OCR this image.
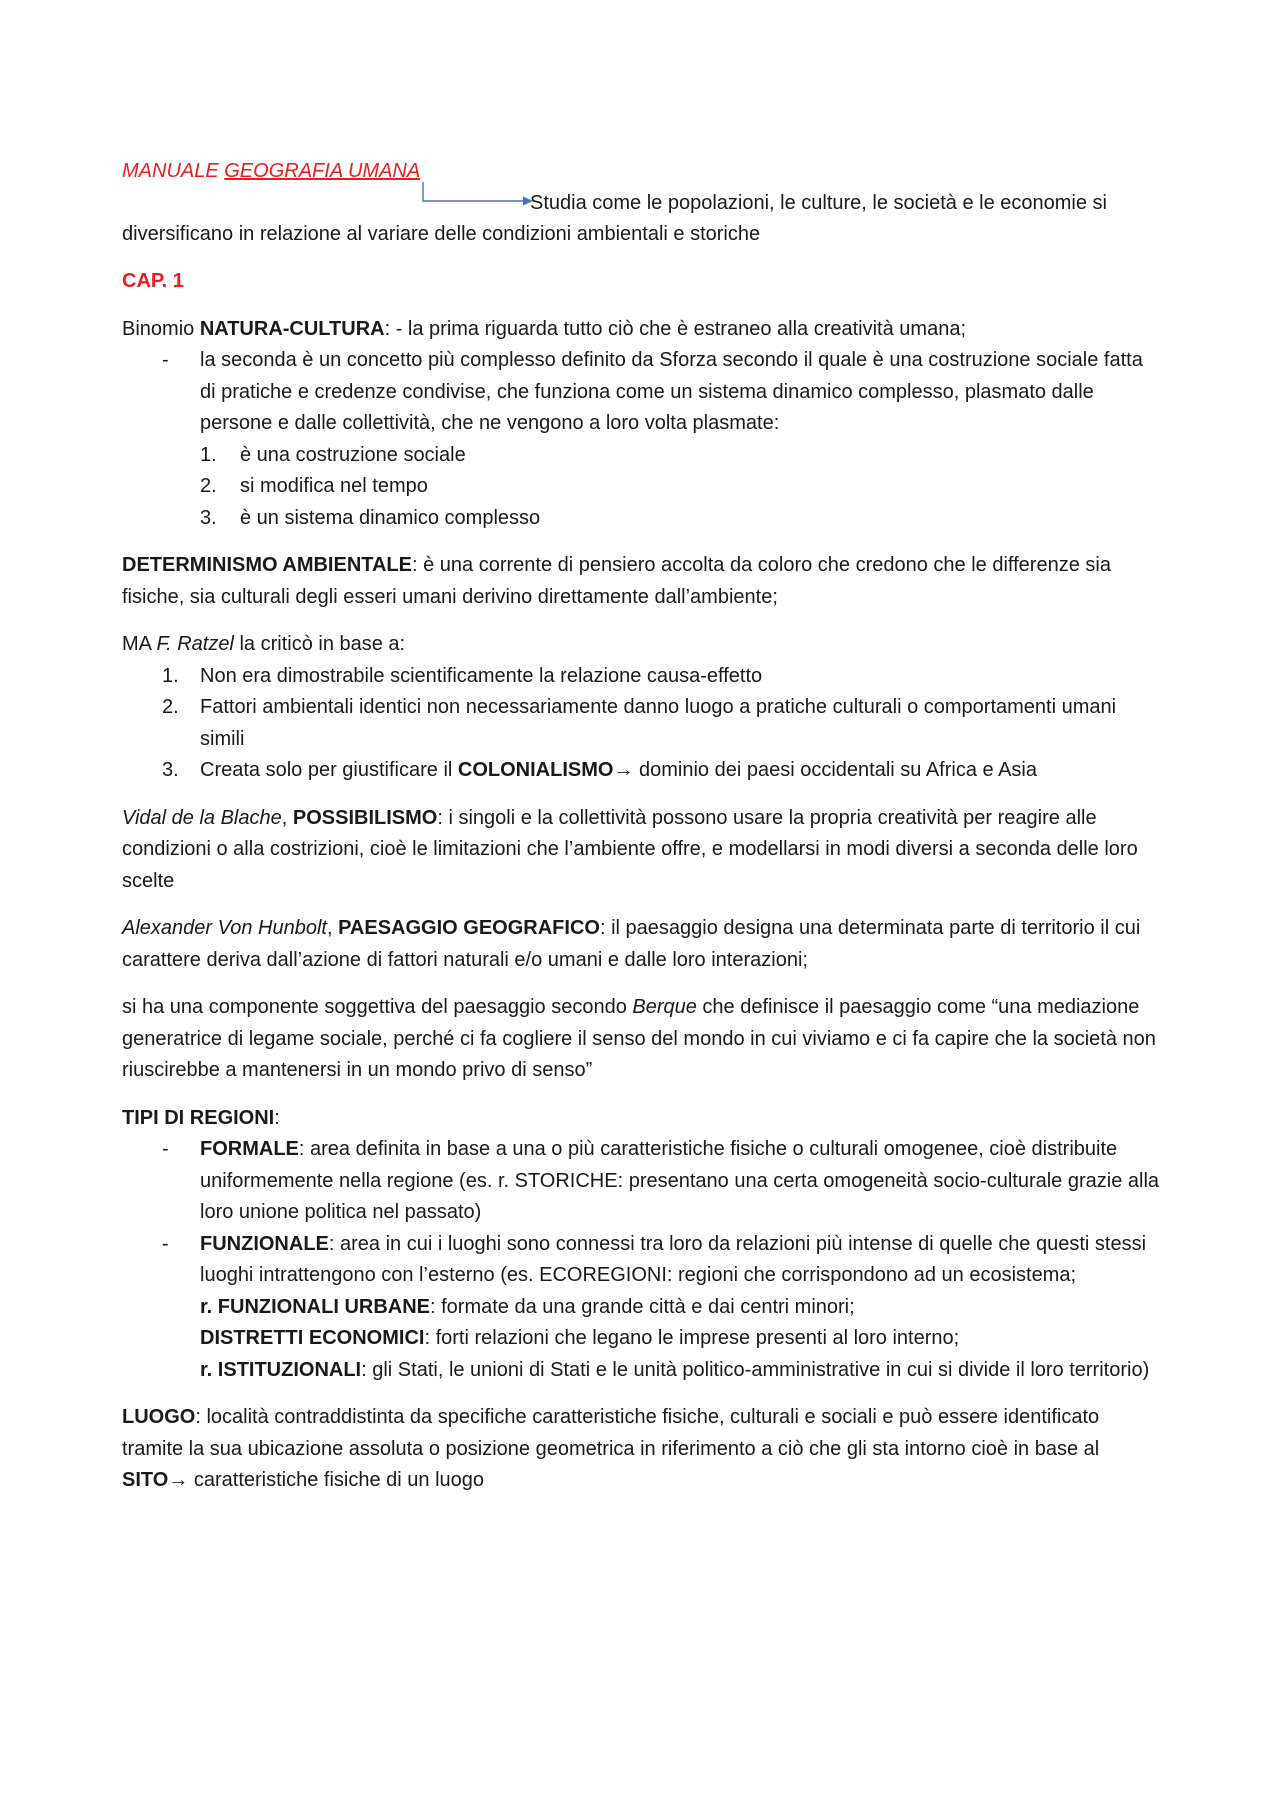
MANUALE GEOGRAFIA UMANA

Studia come le popolazioni, le culture, le società e le economie si

diversificano in relazione al variare delle condizioni ambientali e storiche

CAP. 1

Binomio NATURA-CULTURA: - la prima riguarda tutto ciò che è estraneo alla creatività umana;

- la seconda è un concetto più complesso definito da Sforza secondo il quale è una costruzione sociale fatta di pratiche e credenze condivise, che funziona come un sistema dinamico complesso, plasmato dalle persone e dalle collettività, che ne vengono a loro volta plasmate:
1. è una costruzione sociale
2. si modifica nel tempo
3. è un sistema dinamico complesso

DETERMINISMO AMBIENTALE: è una corrente di pensiero accolta da coloro che credono che le differenze sia fisiche, sia culturali degli esseri umani derivino direttamente dall’ambiente;

MA F. Ratzel la criticò in base a:

1. Non era dimostrabile scientificamente la relazione causa-effetto
2. Fattori ambientali identici non necessariamente danno luogo a pratiche culturali o comportamenti umani simili
3. Creata solo per giustificare il COLONIALISMO→ dominio dei paesi occidentali su Africa e Asia

Vidal de la Blache, POSSIBILISMO: i singoli e la collettività possono usare la propria creatività per reagire alle condizioni o alla costrizioni, cioè le limitazioni che l’ambiente offre, e modellarsi in modi diversi a seconda delle loro scelte

Alexander Von Hunbolt, PAESAGGIO GEOGRAFICO: il paesaggio designa una determinata parte di territorio il cui carattere deriva dall’azione di fattori naturali e/o umani e dalle loro interazioni;

si ha una componente soggettiva del paesaggio secondo Berque che definisce il paesaggio come “una mediazione generatrice di legame sociale, perché ci fa cogliere il senso del mondo in cui viviamo e ci fa capire che la società non riuscirebbe a mantenersi in un mondo privo di senso”

TIPI DI REGIONI:

- FORMALE: area definita in base a una o più caratteristiche fisiche o culturali omogenee, cioè distribuite uniformemente nella regione (es. r. STORICHE: presentano una certa omogeneità socio-culturale grazie alla loro unione politica nel passato)
- FUNZIONALE: area in cui i luoghi sono connessi tra loro da relazioni più intense di quelle che questi stessi luoghi intrattengono con l’esterno (es. ECOREGIONI: regioni che corrispondono ad un ecosistema;

r. FUNZIONALI URBANE: formate da una grande città e dai centri minori;

DISTRETTI ECONOMICI: forti relazioni che legano le imprese presenti al loro interno;

r. ISTITUZIONALI: gli Stati, le unioni di Stati e le unità politico-amministrative in cui si divide il loro territorio)

LUOGO: località contraddistinta da specifiche caratteristiche fisiche, culturali e sociali e può essere identificato tramite la sua ubicazione assoluta o posizione geometrica in riferimento a ciò che gli sta intorno cioè in base al SITO→ caratteristiche fisiche di un luogo
